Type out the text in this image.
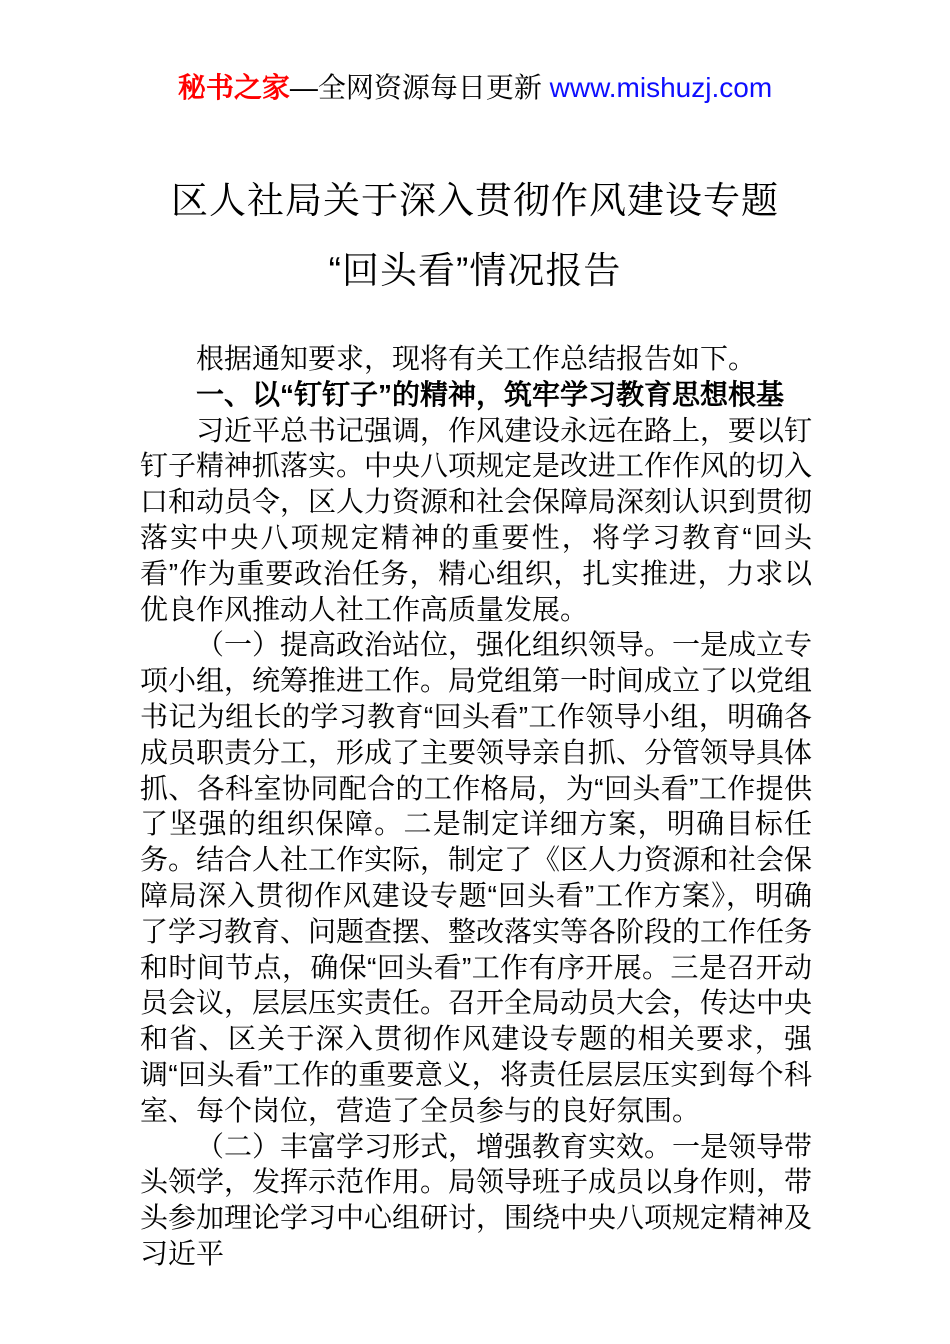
秘书之家—全网资源每日更新 www.mishuzj.com
区人社局关于深入贯彻作风建设专题
“回头看”情况报告

根据通知要求，现将有关工作总结报告如下。

一、以“钉钉子”的精神，筑牢学习教育思想根基

习近平总书记强调，作风建设永远在路上，要以钉钉子精神抓落实。中央八项规定是改进工作作风的切入口和动员令，区人力资源和社会保障局深刻认识到贯彻落实中央八项规定精神的重要性，将学习教育“回头看”作为重要政治任务，精心组织，扎实推进，力求以优良作风推动人社工作高质量发展。

（一）提高政治站位，强化组织领导。一是成立专项小组，统筹推进工作。局党组第一时间成立了以党组书记为组长的学习教育“回头看”工作领导小组，明确各成员职责分工，形成了主要领导亲自抓、分管领导具体抓、各科室协同配合的工作格局，为“回头看”工作提供了坚强的组织保障。二是制定详细方案，明确目标任务。结合人社工作实际，制定了《区人力资源和社会保障局深入贯彻作风建设专题“回头看”工作方案》，明确了学习教育、问题查摆、整改落实等各阶段的工作任务和时间节点，确保“回头看”工作有序开展。三是召开动员会议，层层压实责任。召开全局动员大会，传达中央和省、区关于深入贯彻作风建设专题的相关要求，强调“回头看”工作的重要意义，将责任层层压实到每个科室、每个岗位，营造了全员参与的良好氛围。

（二）丰富学习形式，增强教育实效。一是领导带头领学，发挥示范作用。局领导班子成员以身作则，带头参加理论学习中心组研讨，围绕中央八项规定精神及习近平
